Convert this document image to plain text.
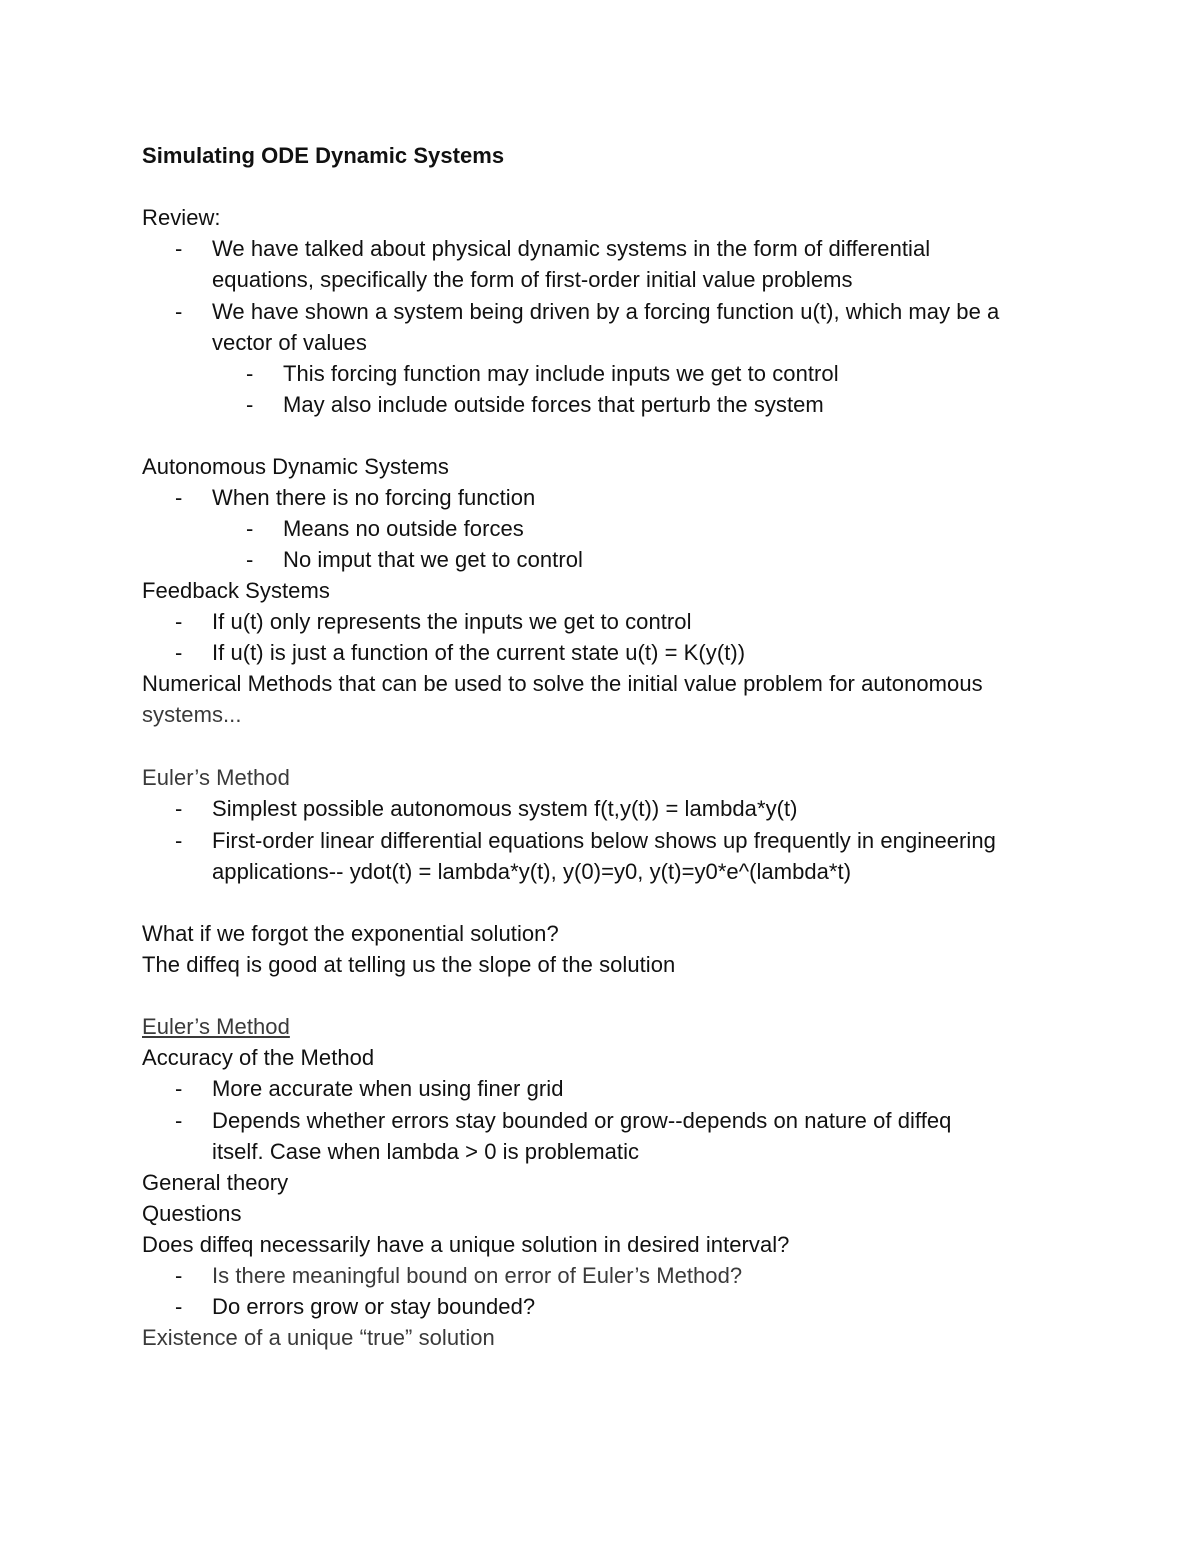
Simulating ODE Dynamic Systems
Review:
- We have talked about physical dynamic systems in the form of differential
equations, specifically the form of first-order initial value problems
- We have shown a system being driven by a forcing function u(t), which may be a
vector of values
- This forcing function may include inputs we get to control
- May also include outside forces that perturb the system
Autonomous Dynamic Systems
- When there is no forcing function
- Means no outside forces
- No imput that we get to control
Feedback Systems
- If u(t) only represents the inputs we get to control
- If u(t) is just a function of the current state u(t) = K(y(t))
Numerical Methods that can be used to solve the initial value problem for autonomous
systems...
Euler’s Method
- Simplest possible autonomous system f(t,y(t)) = lambda*y(t)
- First-order linear differential equations below shows up frequently in engineering
applications-- ydot(t) = lambda*y(t), y(0)=y0, y(t)=y0*e^(lambda*t)
What if we forgot the exponential solution?
The diffeq is good at telling us the slope of the solution
Euler’s Method
Accuracy of the Method
- More accurate when using finer grid
- Depends whether errors stay bounded or grow--depends on nature of diffeq
itself. Case when lambda > 0 is problematic
General theory
Questions
Does diffeq necessarily have a unique solution in desired interval?
- Is there meaningful bound on error of Euler’s Method?
- Do errors grow or stay bounded?
Existence of a unique “true” solution
